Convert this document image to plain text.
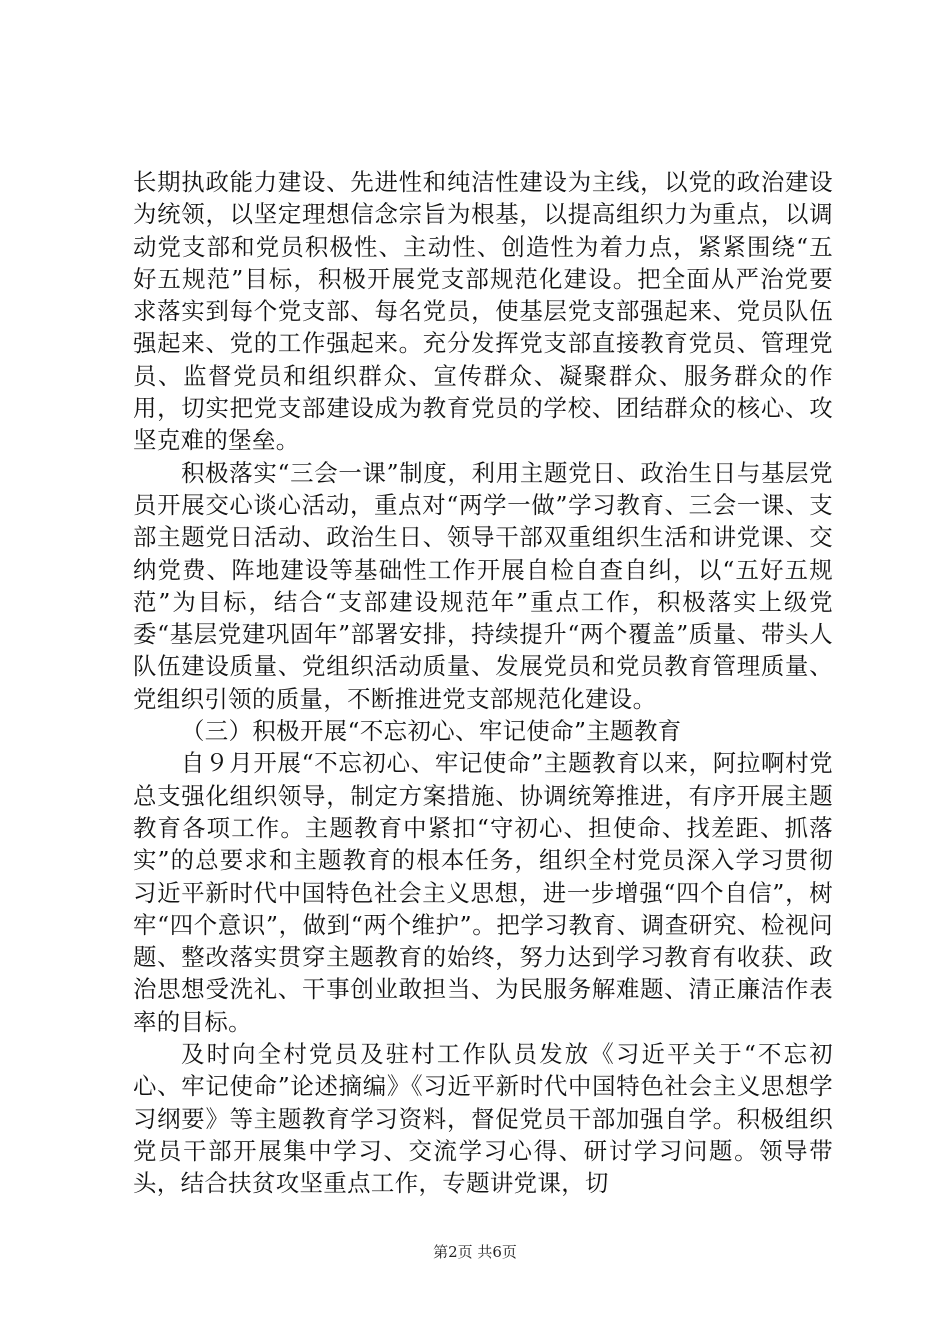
长期执政能力建设、先进性和纯洁性建设为主线，以党的政治建设为统领，以坚定理想信念宗旨为根基，以提高组织力为重点，以调动党支部和党员积极性、主动性、创造性为着力点，紧紧围绕“五好五规范”目标，积极开展党支部规范化建设。把全面从严治党要求落实到每个党支部、每名党员，使基层党支部强起来、党员队伍强起来、党的工作强起来。充分发挥党支部直接教育党员、管理党员、监督党员和组织群众、宣传群众、凝聚群众、服务群众的作用，切实把党支部建设成为教育党员的学校、团结群众的核心、攻坚克难的堡垒。

积极落实“三会一课”制度，利用主题党日、政治生日与基层党员开展交心谈心活动，重点对“两学一做”学习教育、三会一课、支部主题党日活动、政治生日、领导干部双重组织生活和讲党课、交纳党费、阵地建设等基础性工作开展自检自查自纠，以“五好五规范”为目标，结合“支部建设规范年”重点工作，积极落实上级党委“基层党建巩固年”部署安排，持续提升“两个覆盖”质量、带头人队伍建设质量、党组织活动质量、发展党员和党员教育管理质量、党组织引领的质量，不断推进党支部规范化建设。

（三）积极开展“不忘初心、牢记使命”主题教育

自９月开展“不忘初心、牢记使命”主题教育以来，阿拉啊村党总支强化组织领导，制定方案措施、协调统筹推进，有序开展主题教育各项工作。主题教育中紧扣“守初心、担使命、找差距、抓落实”的总要求和主题教育的根本任务，组织全村党员深入学习贯彻习近平新时代中国特色社会主义思想，进一步增强“四个自信”，树牢“四个意识”，做到“两个维护”。把学习教育、调查研究、检视问题、整改落实贯穿主题教育的始终，努力达到学习教育有收获、政治思想受洗礼、干事创业敢担当、为民服务解难题、清正廉洁作表率的目标。

及时向全村党员及驻村工作队员发放《习近平关于“不忘初心、牢记使命”论述摘编》《习近平新时代中国特色社会主义思想学习纲要》等主题教育学习资料，督促党员干部加强自学。积极组织党员干部开展集中学习、交流学习心得、研讨学习问题。领导带头，结合扶贫攻坚重点工作，专题讲党课，切

第2页 共6页
